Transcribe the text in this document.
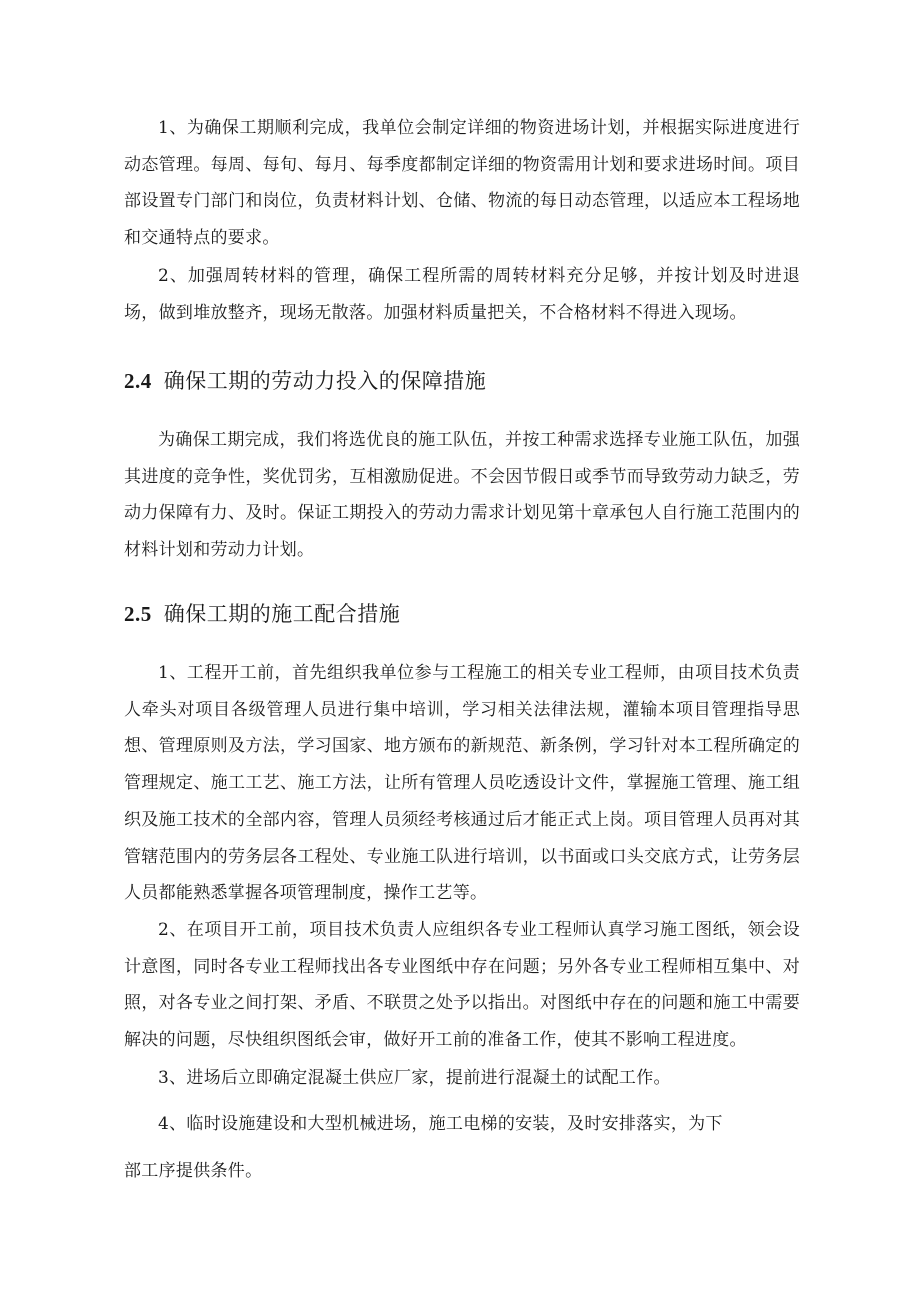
1、为确保工期顺利完成，我单位会制定详细的物资进场计划，并根据实际进度进行动态管理。每周、每旬、每月、每季度都制定详细的物资需用计划和要求进场时间。项目部设置专门部门和岗位，负责材料计划、仓储、物流的每日动态管理，以适应本工程场地和交通特点的要求。

2、加强周转材料的管理，确保工程所需的周转材料充分足够，并按计划及时进退场，做到堆放整齐，现场无散落。加强材料质量把关，不合格材料不得进入现场。

2.4 确保工期的劳动力投入的保障措施

为确保工期完成，我们将选优良的施工队伍，并按工种需求选择专业施工队伍，加强其进度的竞争性，奖优罚劣，互相激励促进。不会因节假日或季节而导致劳动力缺乏，劳动力保障有力、及时。保证工期投入的劳动力需求计划见第十章承包人自行施工范围内的材料计划和劳动力计划。

2.5 确保工期的施工配合措施

1、工程开工前，首先组织我单位参与工程施工的相关专业工程师，由项目技术负责人牵头对项目各级管理人员进行集中培训，学习相关法律法规，灌输本项目管理指导思想、管理原则及方法，学习国家、地方颁布的新规范、新条例，学习针对本工程所确定的管理规定、施工工艺、施工方法，让所有管理人员吃透设计文件，掌握施工管理、施工组织及施工技术的全部内容，管理人员须经考核通过后才能正式上岗。项目管理人员再对其管辖范围内的劳务层各工程处、专业施工队进行培训，以书面或口头交底方式，让劳务层人员都能熟悉掌握各项管理制度，操作工艺等。

2、在项目开工前，项目技术负责人应组织各专业工程师认真学习施工图纸，领会设计意图，同时各专业工程师找出各专业图纸中存在问题；另外各专业工程师相互集中、对照，对各专业之间打架、矛盾、不联贯之处予以指出。对图纸中存在的问题和施工中需要解决的问题，尽快组织图纸会审，做好开工前的准备工作，使其不影响工程进度。

3、进场后立即确定混凝土供应厂家，提前进行混凝土的试配工作。

4、临时设施建设和大型机械进场，施工电梯的安装，及时安排落实，为下

部工序提供条件。
